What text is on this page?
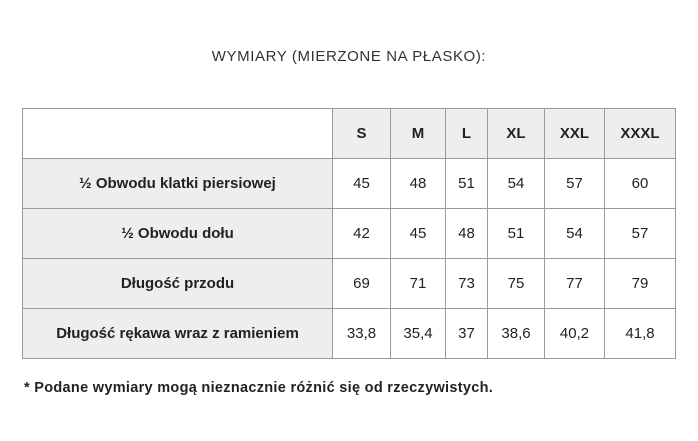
WYMIARY (MIERZONE NA PŁASKO):
	S	M	L	XL	XXL	XXXL
½ Obwodu klatki piersiowej	45	48	51	54	57	60
½ Obwodu dołu	42	45	48	51	54	57
Długość przodu	69	71	73	75	77	79
Długość rękawa wraz z ramieniem	33,8	35,4	37	38,6	40,2	41,8
* Podane wymiary mogą nieznacznie różnić się od rzeczywistych.
